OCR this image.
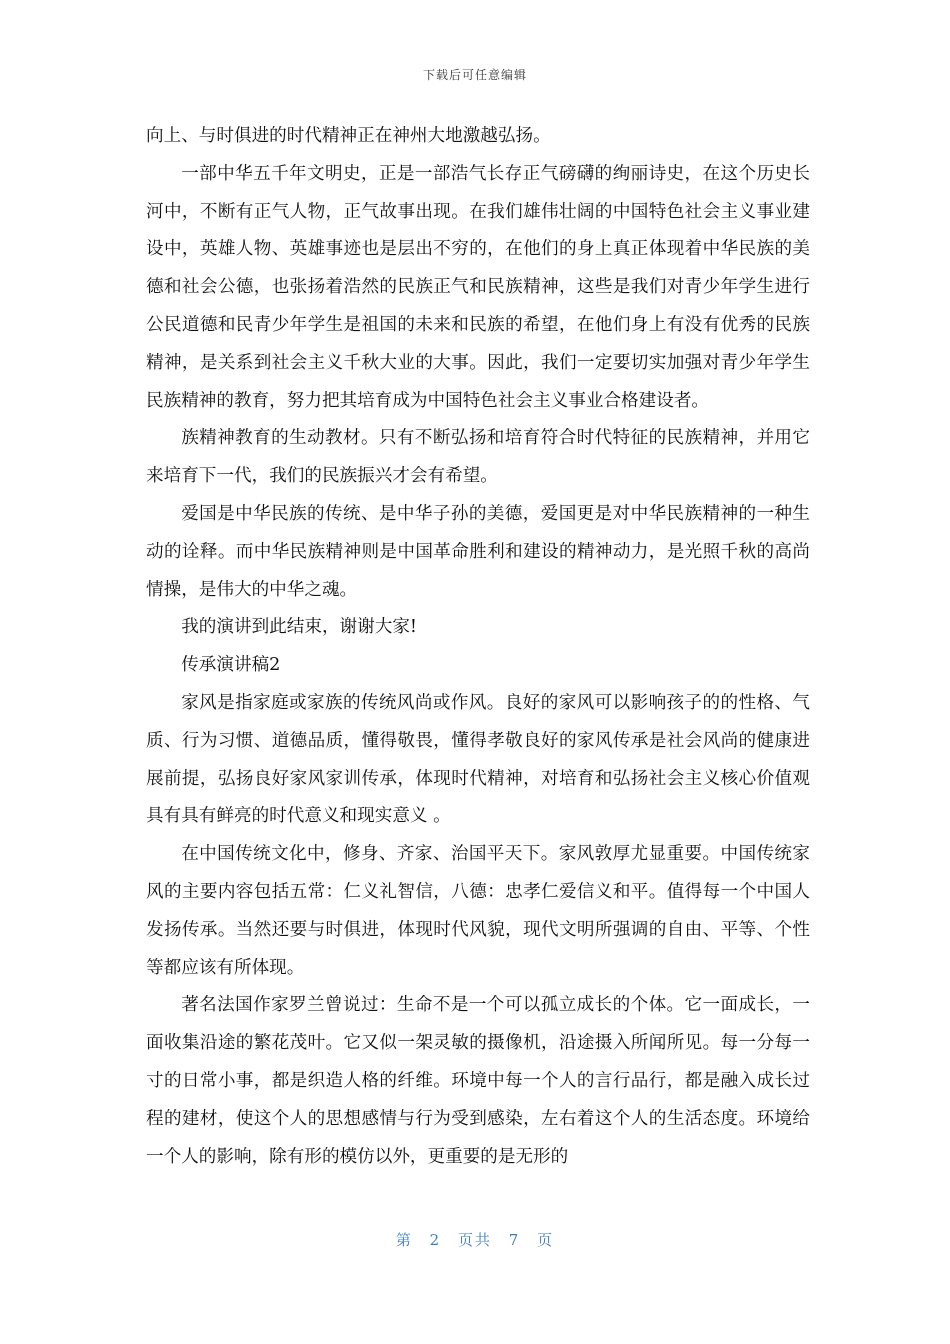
下载后可任意编辑

向上、与时俱进的时代精神正在神州大地激越弘扬。

一部中华五千年文明史，正是一部浩气长存正气磅礴的绚丽诗史，在这个历史长河中，不断有正气人物，正气故事出现。在我们雄伟壮阔的中国特色社会主义事业建设中，英雄人物、英雄事迹也是层出不穷的，在他们的身上真正体现着中华民族的美德和社会公德，也张扬着浩然的民族正气和民族精神，这些是我们对青少年学生进行公民道德和民青少年学生是祖国的未来和民族的希望，在他们身上有没有优秀的民族精神，是关系到社会主义千秋大业的大事。因此，我们一定要切实加强对青少年学生民族精神的教育，努力把其培育成为中国特色社会主义事业合格建设者。

族精神教育的生动教材。只有不断弘扬和培育符合时代特征的民族精神，并用它来培育下一代，我们的民族振兴才会有希望。

爱国是中华民族的传统、是中华子孙的美德，爱国更是对中华民族精神的一种生动的诠释。而中华民族精神则是中国革命胜利和建设的精神动力，是光照千秋的高尚情操，是伟大的中华之魂。

我的演讲到此结束，谢谢大家!

传承演讲稿2

家风是指家庭或家族的传统风尚或作风。良好的家风可以影响孩子的的性格、气质、行为习惯、道德品质，懂得敬畏，懂得孝敬良好的家风传承是社会风尚的健康进展前提，弘扬良好家风家训传承，体现时代精神，对培育和弘扬社会主义核心价值观具有具有鲜亮的时代意义和现实意义 。

在中国传统文化中，修身、齐家、治国平天下。家风敦厚尤显重要。中国传统家风的主要内容包括五常：仁义礼智信，八德：忠孝仁爱信义和平。值得每一个中国人发扬传承。当然还要与时俱进，体现时代风貌，现代文明所强调的自由、平等、个性等都应该有所体现。

著名法国作家罗兰曾说过：生命不是一个可以孤立成长的个体。它一面成长，一面收集沿途的繁花茂叶。它又似一架灵敏的摄像机，沿途摄入所闻所见。每一分每一寸的日常小事，都是织造人格的纤维。环境中每一个人的言行品行，都是融入成长过程的建材，使这个人的思想感情与行为受到感染，左右着这个人的生活态度。环境给一个人的影响，除有形的模仿以外，更重要的是无形的

第 2 页共 7 页
